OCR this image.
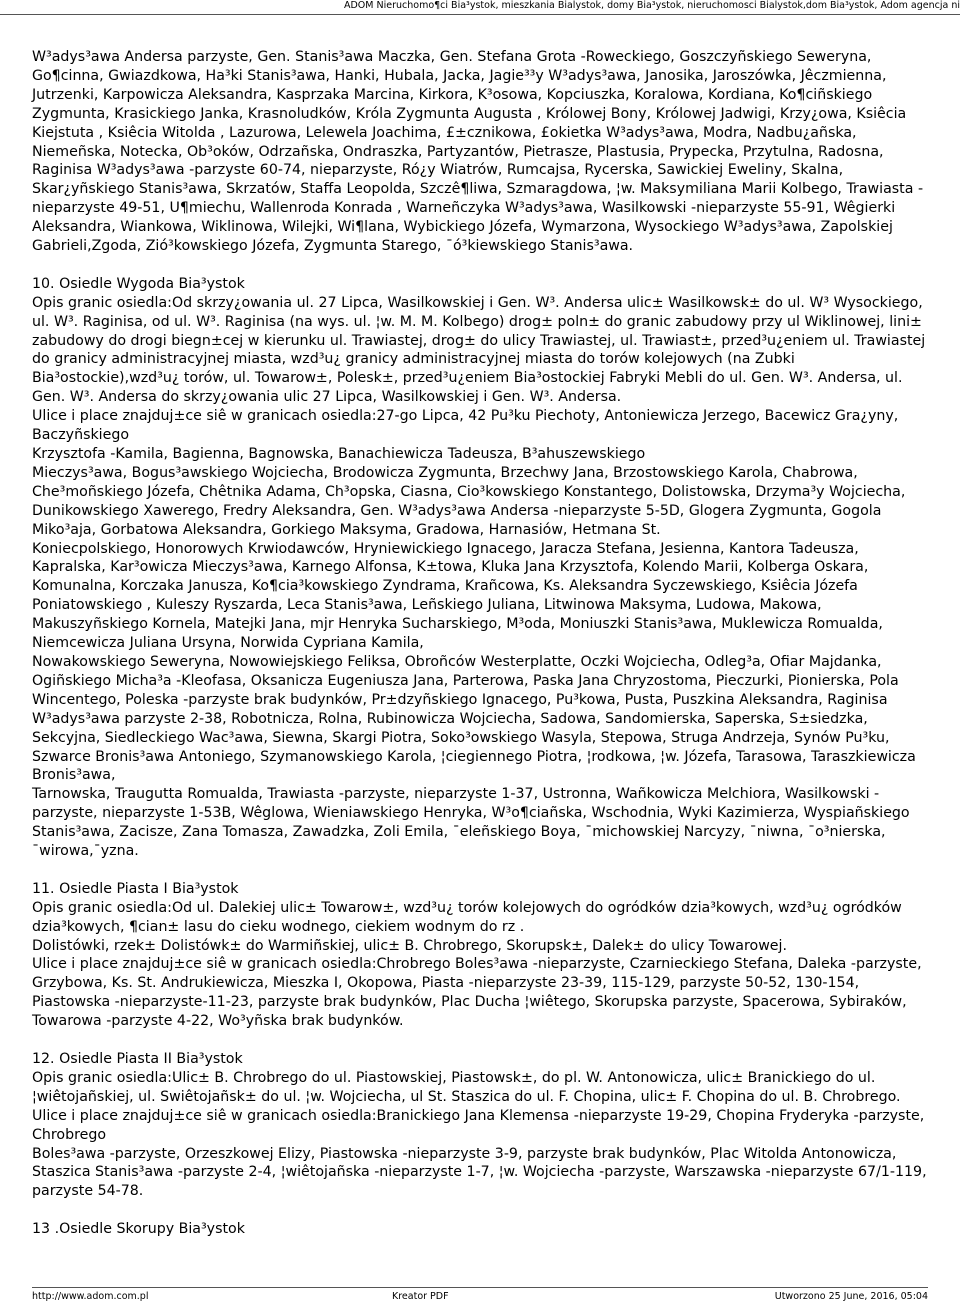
ADOM Nieruchomo¶ci Bia³ystok, mieszkania Bialystok, domy Bia³ystok, nieruchomosci Bialystok,dom Bia³ystok, Adom agencja ni

W³adys³awa Andersa parzyste, Gen. Stanis³awa Maczka, Gen. Stefana Grota -Roweckiego, Goszczyñskiego Seweryna, Go¶cinna, Gwiazdkowa, Ha³ki Stanis³awa, Hanki, Hubala, Jacka, Jagie³³y W³adys³awa, Janosika, Jaroszówka, Jêczmienna, Jutrzenki, Karpowicza Aleksandra, Kasprzaka Marcina, Kirkora, K³osowa, Kopciuszka, Koralowa, Kordiana, Ko¶ciñskiego Zygmunta, Krasickiego Janka, Krasnoludków, Króla Zygmunta Augusta , Królowej Bony, Królowej Jadwigi, Krzy¿owa, Ksiêcia Kiejstuta , Ksiêcia Witolda , Lazurowa, Lelewela Joachima, £±cznikowa, £okietka W³adys³awa, Modra, Nadbu¿añska, Niemeñska, Notecka, Ob³oków, Odrzañska, Ondraszka, Partyzantów, Pietrasze, Plastusia, Prypecka, Przytulna, Radosna, Raginisa W³adys³awa -parzyste 60-74, nieparzyste, Ró¿y Wiatrów, Rumcajsa, Rycerska, Sawickiej Eweliny, Skalna, Skar¿yñskiego Stanis³awa, Skrzatów, Staffa Leopolda, Szczê¶liwa, Szmaragdowa, ¦w. Maksymiliana Marii Kolbego, Trawiasta -nieparzyste 49-51, U¶miechu, Wallenroda Konrada , Warneñczyka W³adys³awa, Wasilkowski -nieparzyste 55-91, Wêgierki Aleksandra, Wiankowa, Wiklinowa, Wilejki, Wi¶lana, Wybickiego Józefa, Wymarzona, Wysockiego W³adys³awa, Zapolskiej Gabrieli,Zgoda, Zió³kowskiego Józefa, Zygmunta Starego, ¯ó³kiewskiego Stanis³awa.

10. Osiedle Wygoda Bia³ystok

Opis granic osiedla:Od skrzy¿owania ul. 27 Lipca, Wasilkowskiej i Gen. W³. Andersa ulic± Wasilkowsk± do ul. W³ Wysockiego, ul. W³. Raginisa, od ul. W³. Raginisa (na wys. ul. ¦w. M. M. Kolbego) drog± poln± do granic zabudowy przy ul Wiklinowej, lini± zabudowy do drogi biegn±cej w kierunku ul. Trawiastej, drog± do ulicy Trawiastej, ul. Trawiast±, przed³u¿eniem ul. Trawiastej do granicy administracyjnej miasta, wzd³u¿ granicy administracyjnej miasta do torów kolejowych (na Zubki Bia³ostockie),wzd³u¿ torów, ul. Towarow±, Polesk±, przed³u¿eniem Bia³ostockiej Fabryki Mebli do ul. Gen. W³. Andersa, ul. Gen. W³. Andersa do skrzy¿owania ulic 27 Lipca, Wasilkowskiej i Gen. W³. Andersa.

Ulice i place znajduj±ce siê w granicach osiedla:27-go Lipca, 42 Pu³ku Piechoty, Antoniewicza Jerzego, Bacewicz Gra¿yny, Baczyñskiego

Krzysztofa -Kamila, Bagienna, Bagnowska, Banachiewicza Tadeusza, B³ahuszewskiego

Mieczys³awa, Bogus³awskiego Wojciecha, Brodowicza Zygmunta, Brzechwy Jana, Brzostowskiego Karola, Chabrowa, Che³moñskiego Józefa, Chêtnika Adama, Ch³opska, Ciasna, Cio³kowskiego Konstantego, Dolistowska, Drzyma³y Wojciecha, Dunikowskiego Xawerego, Fredry Aleksandra, Gen. W³adys³awa Andersa -nieparzyste 5-5D, Glogera Zygmunta, Gogola Miko³aja, Gorbatowa Aleksandra, Gorkiego Maksyma, Gradowa, Harnasiów, Hetmana St.

Koniecpolskiego, Honorowych Krwiodawców, Hryniewickiego Ignacego, Jaracza Stefana, Jesienna, Kantora Tadeusza, Kapralska, Kar³owicza Mieczys³awa, Karnego Alfonsa, K±towa, Kluka Jana Krzysztofa, Kolendo Marii, Kolberga Oskara, Komunalna, Korczaka Janusza, Ko¶cia³kowskiego Zyndrama, Krañcowa, Ks. Aleksandra Syczewskiego, Ksiêcia Józefa Poniatowskiego , Kuleszy Ryszarda, Leca Stanis³awa, Leñskiego Juliana, Litwinowa Maksyma, Ludowa, Makowa, Makuszyñskiego Kornela, Matejki Jana, mjr Henryka Sucharskiego, M³oda, Moniuszki Stanis³awa, Muklewicza Romualda, Niemcewicza Juliana Ursyna, Norwida Cypriana Kamila,

Nowakowskiego Seweryna, Nowowiejskiego Feliksa, Obroñców Westerplatte, Oczki Wojciecha, Odleg³a, Ofiar Majdanka, Ogiñskiego Micha³a -Kleofasa, Oksanicza Eugeniusza Jana, Parterowa, Paska Jana Chryzostoma, Pieczurki, Pionierska, Pola Wincentego, Poleska -parzyste brak budynków, Pr±dzyñskiego Ignacego, Pu³kowa, Pusta, Puszkina Aleksandra, Raginisa W³adys³awa parzyste 2-38, Robotnicza, Rolna, Rubinowicza Wojciecha, Sadowa, Sandomierska, Saperska, S±siedzka, Sekcyjna, Siedleckiego Wac³awa, Siewna, Skargi Piotra, Soko³owskiego Wasyla, Stepowa, Struga Andrzeja, Synów Pu³ku, Szwarce Bronis³awa Antoniego, Szymanowskiego Karola, ¦ciegiennego Piotra, ¦rodkowa, ¦w. Józefa, Tarasowa, Taraszkiewicza Bronis³awa,

Tarnowska, Traugutta Romualda, Trawiasta -parzyste, nieparzyste 1-37, Ustronna, Wañkowicza Melchiora, Wasilkowski -parzyste, nieparzyste 1-53B, Wêglowa, Wieniawskiego Henryka, W³o¶ciañska, Wschodnia, Wyki Kazimierza, Wyspiañskiego Stanis³awa, Zacisze, Zana Tomasza, Zawadzka, Zoli Emila, ¯eleñskiego Boya, ¯michowskiej Narcyzy, ¯niwna, ¯o³nierska, ¯wirowa,¯yzna.

11. Osiedle Piasta I Bia³ystok

Opis granic osiedla:Od ul. Dalekiej ulic± Towarow±, wzd³u¿ torów kolejowych do ogródków dzia³kowych, wzd³u¿ ogródków dzia³kowych, ¶cian± lasu do cieku wodnego, ciekiem wodnym do rz .

Dolistówki, rzek± Dolistówk± do Warmiñskiej, ulic± B. Chrobrego, Skorupsk±, Dalek± do ulicy Towarowej.

Ulice i place znajduj±ce siê w granicach osiedla:Chrobrego Boles³awa -nieparzyste, Czarnieckiego Stefana, Daleka -parzyste, Grzybowa, Ks. St. Andrukiewicza, Mieszka I, Okopowa, Piasta -nieparzyste 23-39, 115-129, parzyste 50-52, 130-154, Piastowska -nieparzyste-11-23, parzyste brak budynków, Plac Ducha ¦wiêtego, Skorupska parzyste, Spacerowa, Sybiraków, Towarowa -parzyste 4-22, Wo³yñska brak budynków.

12. Osiedle Piasta II Bia³ystok

Opis granic osiedla:Ulic± B. Chrobrego do ul. Piastowskiej, Piastowsk±, do pl. W. Antonowicza, ulic± Branickiego do ul. ¦wiêtojañskiej, ul. Swiêtojañsk± do ul. ¦w. Wojciecha, ul St. Staszica do ul. F. Chopina, ulic± F. Chopina do ul. B. Chrobrego.

Ulice i place znajduj±ce siê w granicach osiedla:Branickiego Jana Klemensa -nieparzyste 19-29, Chopina Fryderyka -parzyste, Chrobrego

Boles³awa -parzyste, Orzeszkowej Elizy, Piastowska -nieparzyste 3-9, parzyste brak budynków, Plac Witolda Antonowicza, Staszica Stanis³awa -parzyste 2-4, ¦wiêtojañska -nieparzyste 1-7, ¦w. Wojciecha -parzyste, Warszawska -nieparzyste 67/1-119, parzyste 54-78.

13 .Osiedle Skorupy Bia³ystok

http://www.adom.com.pl	Kreator PDF	Utworzono 25 June, 2016, 05:04
